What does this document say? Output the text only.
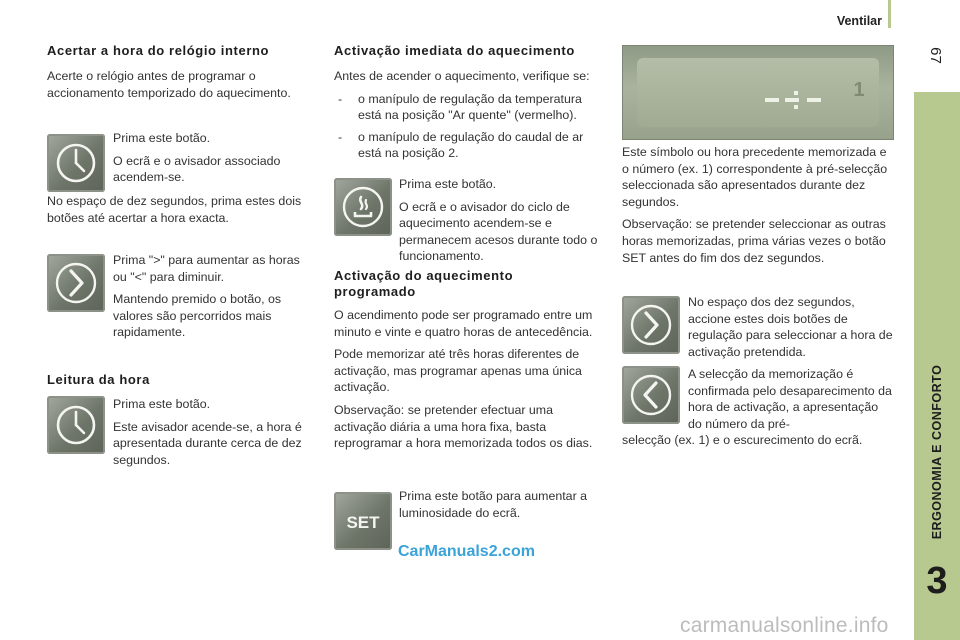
Ventilar
67
ERGONOMIA E CONFORTO
3
Acertar a hora do relógio interno
Acerte o relógio antes de programar o accionamento temporizado do aquecimento.

Prima este botão.

O ecrã e o avisador associado acendem-se.

No espaço de dez segundos, prima estes dois botões até acertar a hora exacta.

Prima ">" para aumentar as horas ou "<" para diminuir.

Mantendo premido o botão, os valores são percorridos mais rapidamente.

Leitura da hora

Prima este botão.

Este avisador acende-se, a hora é apresentada durante cerca de dez segundos.

Activação imediata do aquecimento

Antes de acender o aquecimento, verifique se:

- o manípulo de regulação da temperatura está na posição "Ar quente" (vermelho).
- o manípulo de regulação do caudal de ar está na posição 2.

Prima este botão.

O ecrã e o avisador do ciclo de aquecimento acendem-se e permanecem acesos durante todo o funcionamento.

Activação do aquecimento
programado

O acendimento pode ser programado entre um minuto e vinte e quatro horas de antecedência.

Pode memorizar até três horas diferentes de activação, mas programar apenas uma única activação.

Observação: se pretender efectuar uma activação diária a uma hora fixa, basta reprogramar a hora memorizada todos os dias.

SET
Prima este botão para aumentar a luminosidade do ecrã.
1

Este símbolo ou hora precedente memorizada e o número (ex. 1) correspondente à pré-selecção seleccionada são apresentados durante dez segundos.

Observação: se pretender seleccionar as outras horas memorizadas, prima várias vezes o botão SET antes do fim dos dez segundos.

No espaço dos dez segundos, accione estes dois botões de regulação para seleccionar a hora de activação pretendida.
A selecção da memorização é confirmada pelo desaparecimento da hora de activação, a apresentação do número da pré-
selecção (ex. 1) e o escurecimento do ecrã.
CarManuals2.com
carmanualsonline.info
